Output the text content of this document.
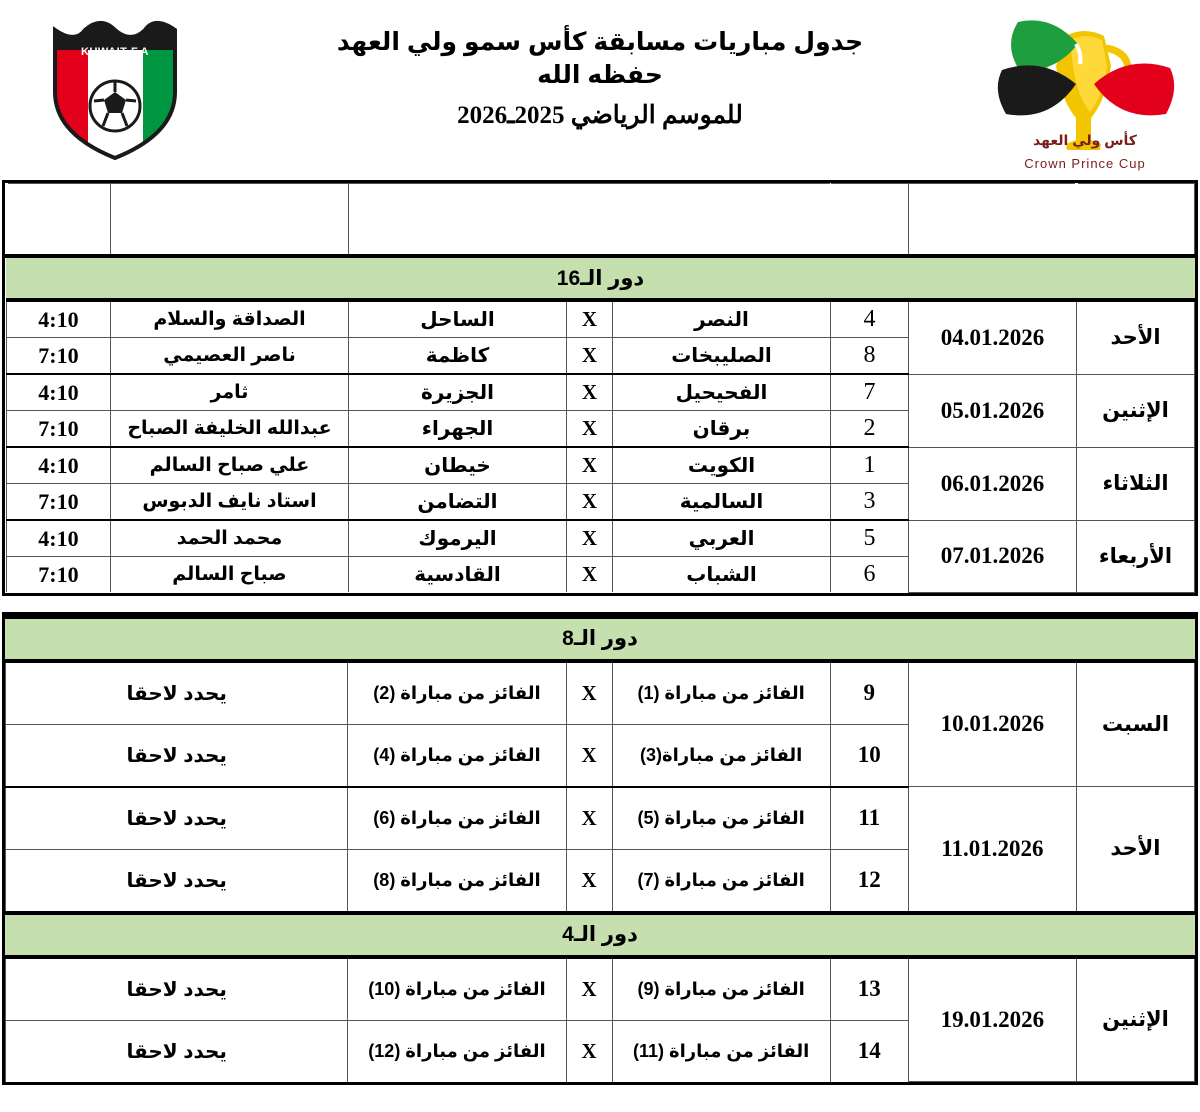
كأس ولي العهد
Crown Prince Cup
جدول مباريات مسابقة كأس سمو ولي العهد
حفظه الله
للموسم الرياضي 2025ـ2026
KUWAIT F.A
اليوم	التاريخ	رقم
المباراة	الفريقان			الملعب	التوقيت
دور الـ16							
الأحد	04.01.2026	4	النصر	X	الساحل	الصداقة والسلام	4:10
		8	الصليبخات	X	كاظمة	ناصر العصيمي	7:10
الإثنين	05.01.2026	7	الفحيحيل	X	الجزيرة	ثامر	4:10
		2	برقان	X	الجهراء	عبدالله الخليفة الصباح	7:10
الثلاثاء	06.01.2026	1	الكويت	X	خيطان	علي صباح السالم	4:10
		3	السالمية	X	التضامن	استاد نايف الدبوس	7:10
الأربعاء	07.01.2026	5	العربي	X	اليرموك	محمد الحمد	4:10
		6	الشباب	X	القادسية	صباح السالم	7:10
دور الـ8						
السبت	10.01.2026	9	الفائز من مباراة (1)	X	الفائز من مباراة (2)	يحدد لاحقا
		10	الفائز من مباراة(3)	X	الفائز من مباراة (4)	يحدد لاحقا
الأحد	11.01.2026	11	الفائز من مباراة (5)	X	الفائز من مباراة (6)	يحدد لاحقا
		12	الفائز من مباراة (7)	X	الفائز من مباراة (8)	يحدد لاحقا
دور الـ4						
الإثنين	19.01.2026	13	الفائز من مباراة (9)	X	الفائز من مباراة (10)	يحدد لاحقا
		14	الفائز من مباراة (11)	X	الفائز من مباراة (12)	يحدد لاحقا
